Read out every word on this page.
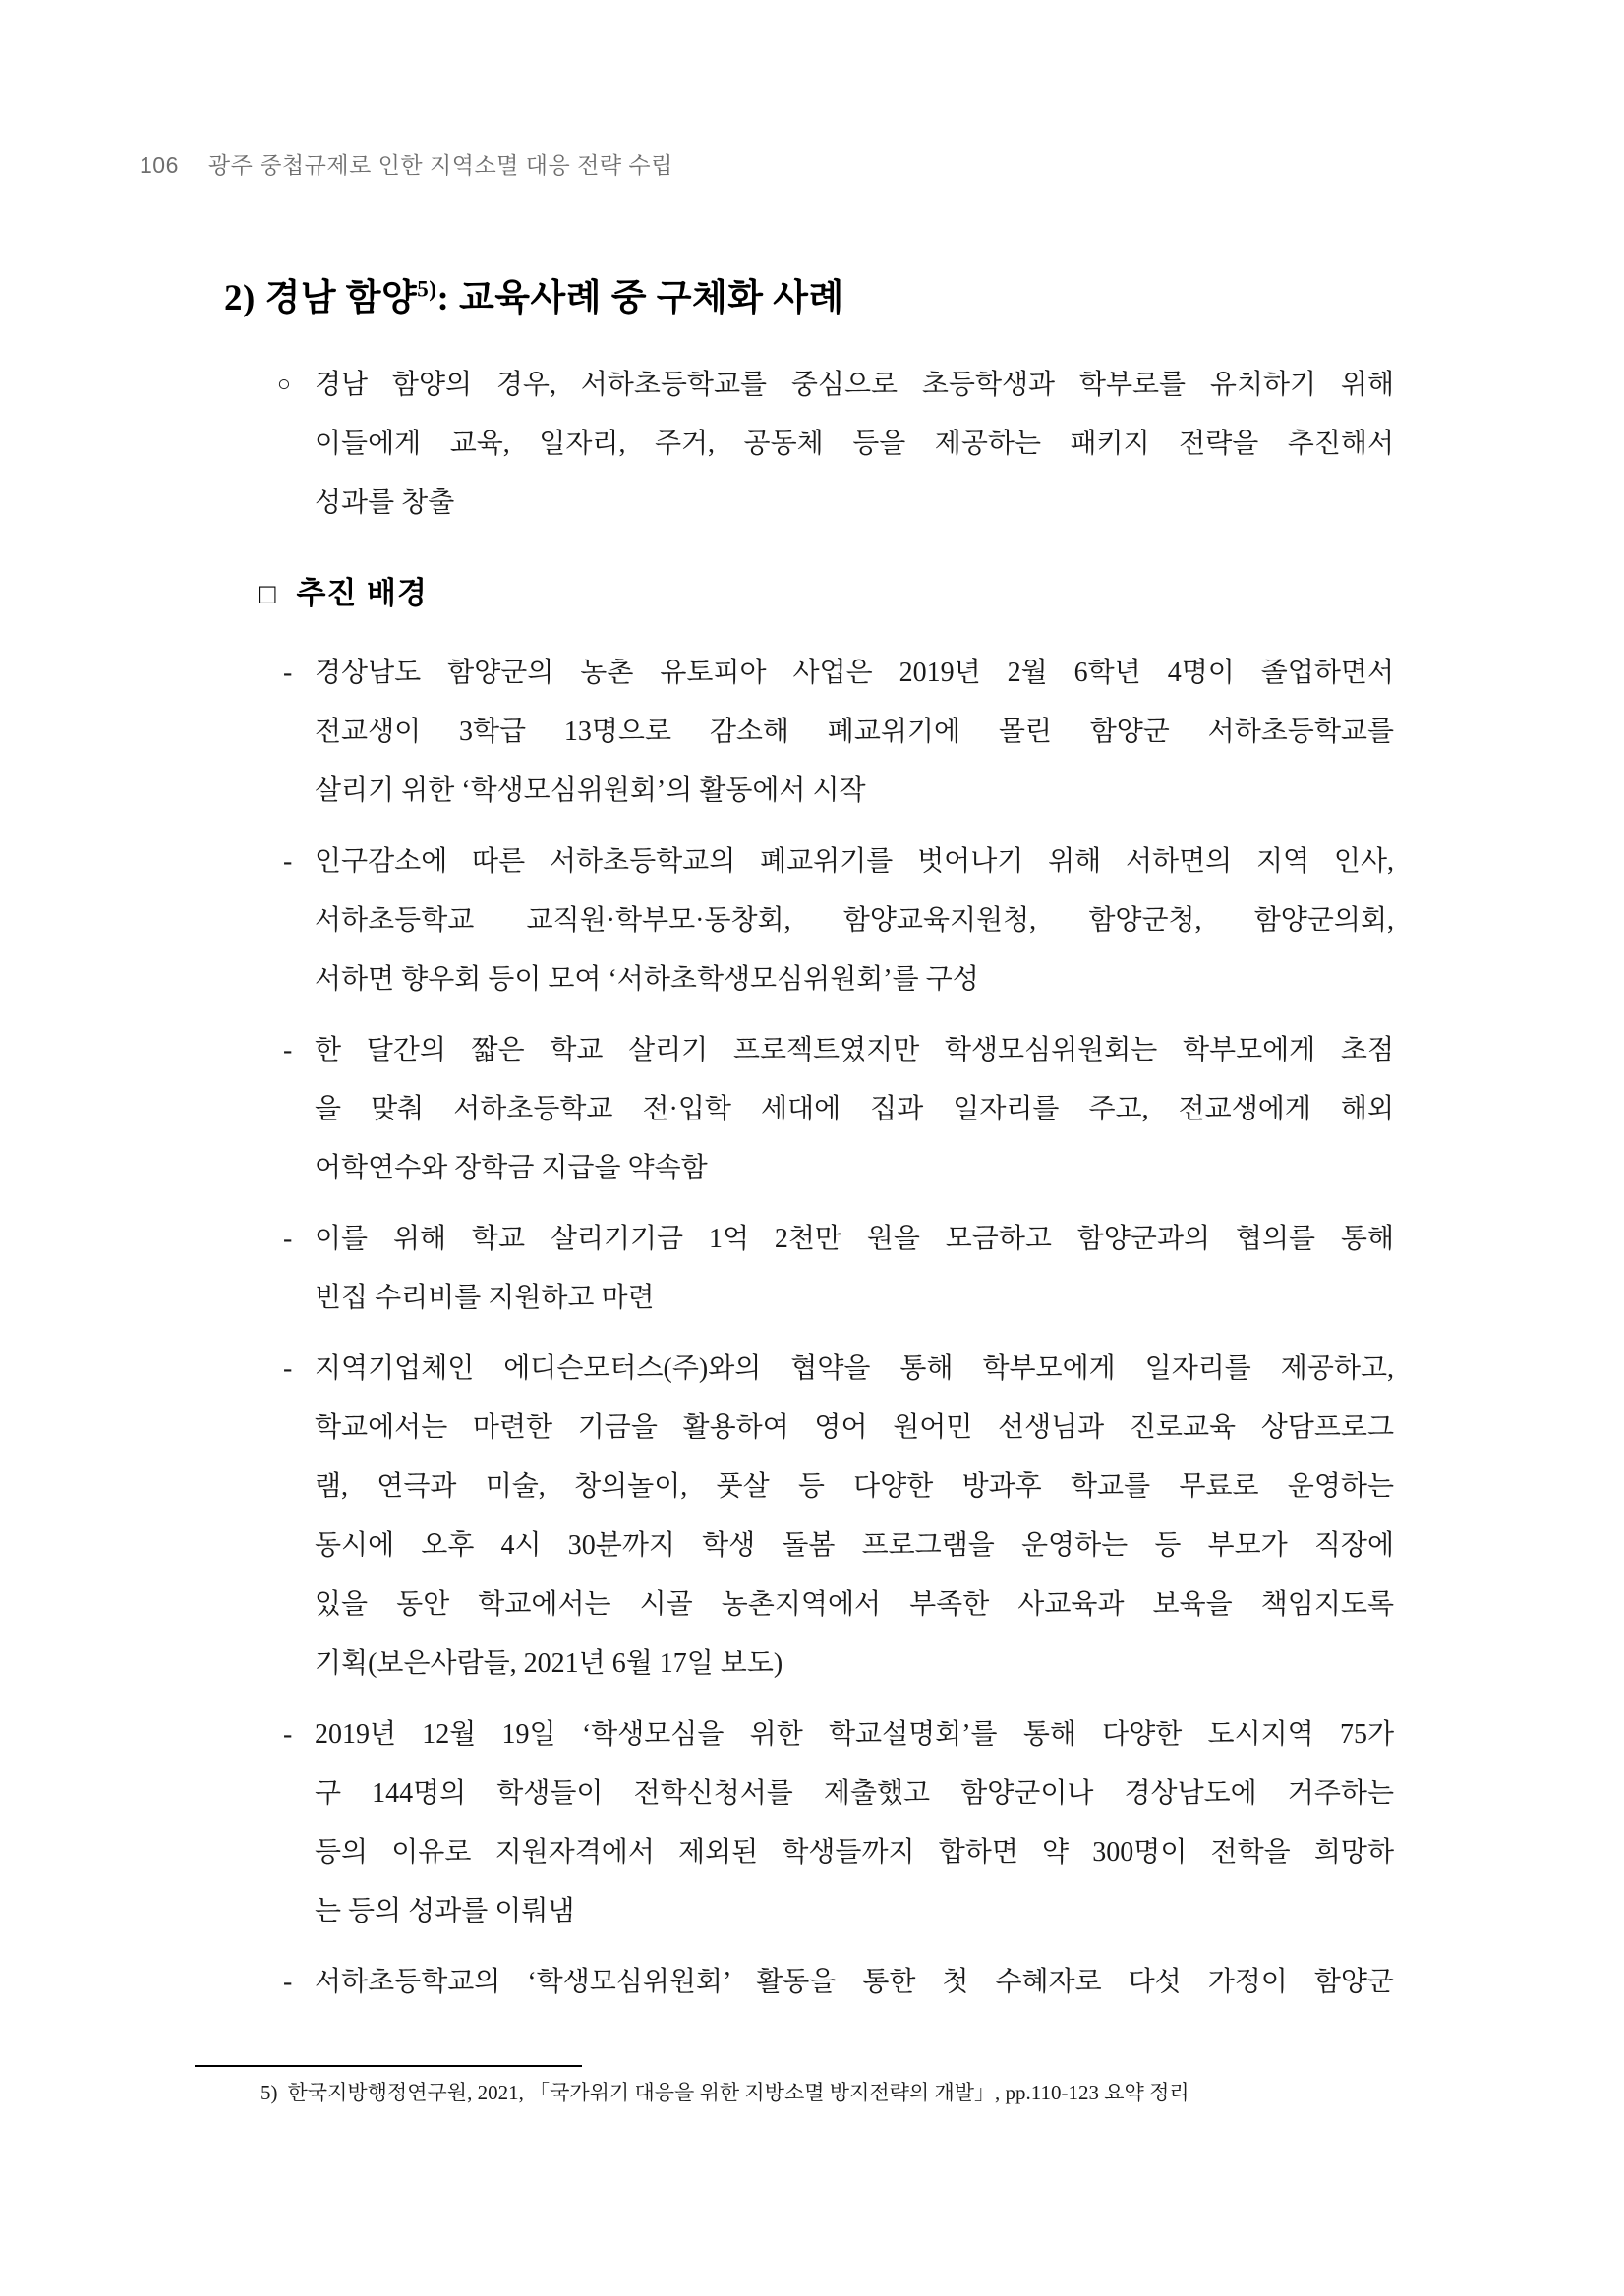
106 광주 중첩규제로 인한 지역소멸 대응 전략 수립
2) 경남 함양$^{5)}$: 교육사례 중 구체화 사례
○ 경남 함양의 경우, 서하초등학교를 중심으로 초등학생과 학부로를 유치하기 위해
이들에게 교육, 일자리, 주거, 공동체 등을 제공하는 패키지 전략을 추진해서
성과를 창출
□ 추진 배경
- 경상남도 함양군의 농촌 유토피아 사업은 2019년 2월 6학년 4명이 졸업하면서
전교생이 3학급 13명으로 감소해 폐교위기에 몰린 함양군 서하초등학교를
살리기 위한 ‘학생모심위원회’의 활동에서 시작
- 인구감소에 따른 서하초등학교의 폐교위기를 벗어나기 위해 서하면의 지역 인사,
서하초등학교 교직원·학부모·동창회, 함양교육지원청, 함양군청, 함양군의회,
서하면 향우회 등이 모여 ‘서하초학생모심위원회’를 구성
- 한 달간의 짧은 학교 살리기 프로젝트였지만 학생모심위원회는 학부모에게 초점
을 맞춰 서하초등학교 전·입학 세대에 집과 일자리를 주고, 전교생에게 해외
어학연수와 장학금 지급을 약속함
- 이를 위해 학교 살리기기금 1억 2천만 원을 모금하고 함양군과의 협의를 통해
빈집 수리비를 지원하고 마련
- 지역기업체인 에디슨모터스(주)와의 협약을 통해 학부모에게 일자리를 제공하고,
학교에서는 마련한 기금을 활용하여 영어 원어민 선생님과 진로교육 상담프로그
램, 연극과 미술, 창의놀이, 풋살 등 다양한 방과후 학교를 무료로 운영하는
동시에 오후 4시 30분까지 학생 돌봄 프로그램을 운영하는 등 부모가 직장에
있을 동안 학교에서는 시골 농촌지역에서 부족한 사교육과 보육을 책임지도록
기획(보은사람들, 2021년 6월 17일 보도)
- 2019년 12월 19일 ‘학생모심을 위한 학교설명회’를 통해 다양한 도시지역 75가
구 144명의 학생들이 전학신청서를 제출했고 함양군이나 경상남도에 거주하는
등의 이유로 지원자격에서 제외된 학생들까지 합하면 약 300명이 전학을 희망하
는 등의 성과를 이뤄냄
- 서하초등학교의 ‘학생모심위원회’ 활동을 통한 첫 수혜자로 다섯 가정이 함양군
5) 한국지방행정연구원, 2021, 「국가위기 대응을 위한 지방소멸 방지전략의 개발」, pp.110-123 요약 정리
